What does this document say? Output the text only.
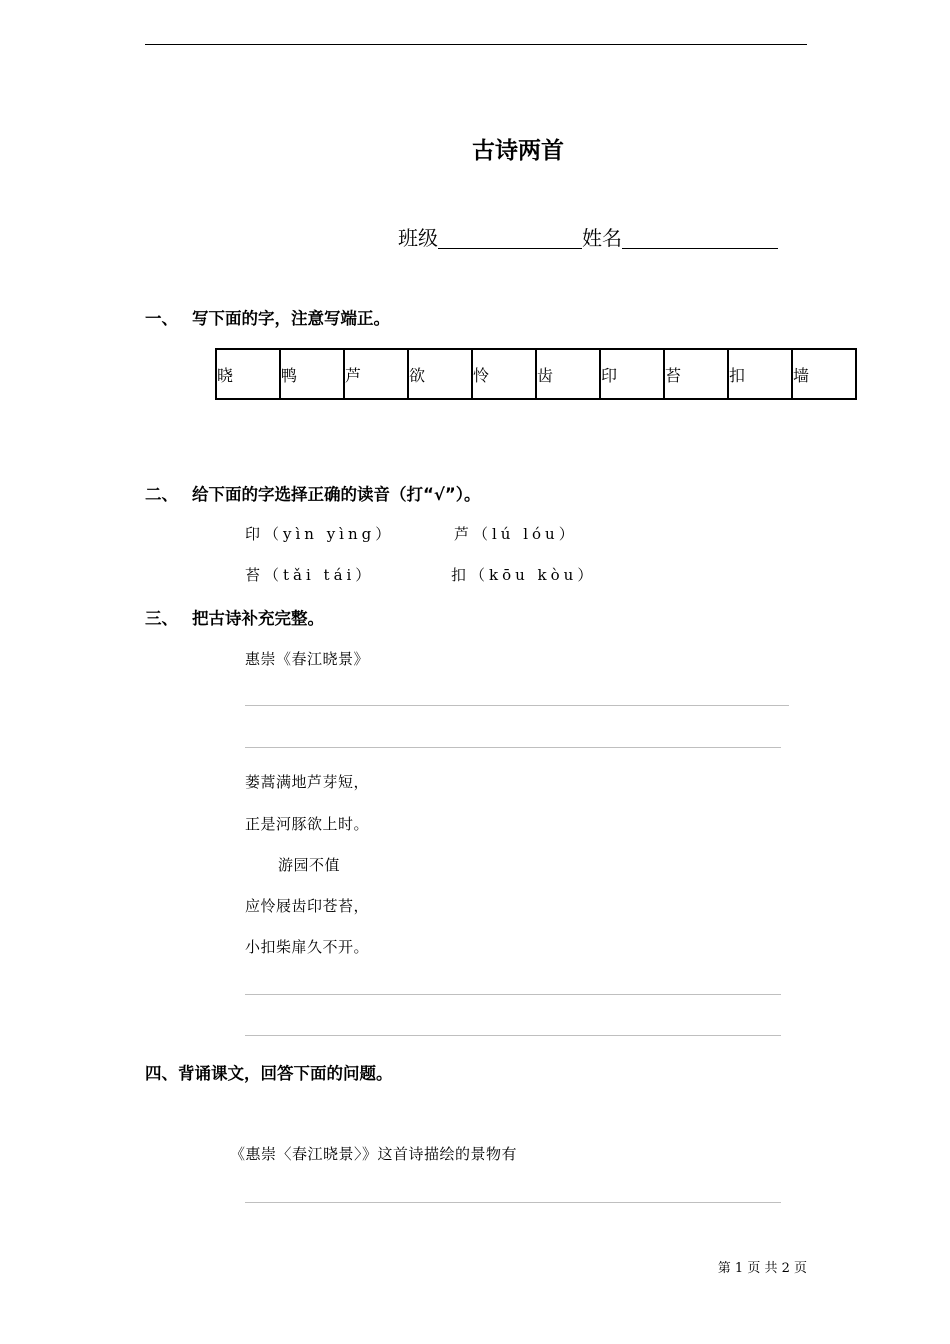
古诗两首
班级	姓名
一、 写下面的字，注意写端正。
晓	鸭	芦	欲	怜	齿	印	苔	扣	墙
二、 给下面的字选择正确的读音（打“√”）。
印（yìn yìng）	芦（lú lóu）
苔（tǎi tái）	扣（kōu kòu）
三、 把古诗补充完整。
惠崇《春江晓景》
蒌蒿满地芦芽短，
正是河豚欲上时。
游园不值
应怜屐齿印苍苔，
小扣柴扉久不开。
四、背诵课文，回答下面的问题。
《惠崇〈春江晓景〉》这首诗描绘的景物有
第 1 页 共 2 页
